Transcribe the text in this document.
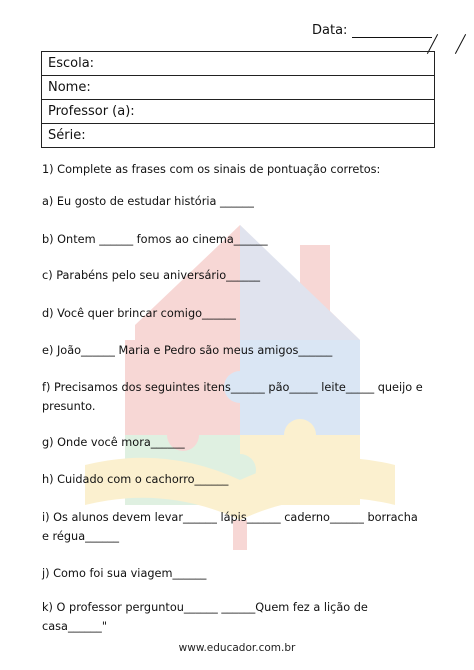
Data:
Escola:
Nome:
Professor (a):
Série:
1) Complete as frases com os sinais de pontuação corretos:
a) Eu gosto de estudar história ______
b) Ontem ______ fomos ao cinema______
c) Parabéns pelo seu aniversário______
d) Você quer brincar comigo______
e) João______ Maria e Pedro são meus amigos______
f) Precisamos dos seguintes itens______ pão_____ leite_____ queijo e presunto.
g) Onde você mora______
h) Cuidado com o cachorro______
i) Os alunos devem levar______ lápis______ caderno______ borracha e régua______
j) Como foi sua viagem______
k) O professor perguntou______ ______Quem fez a lição de casa______"
www.educador.com.br
